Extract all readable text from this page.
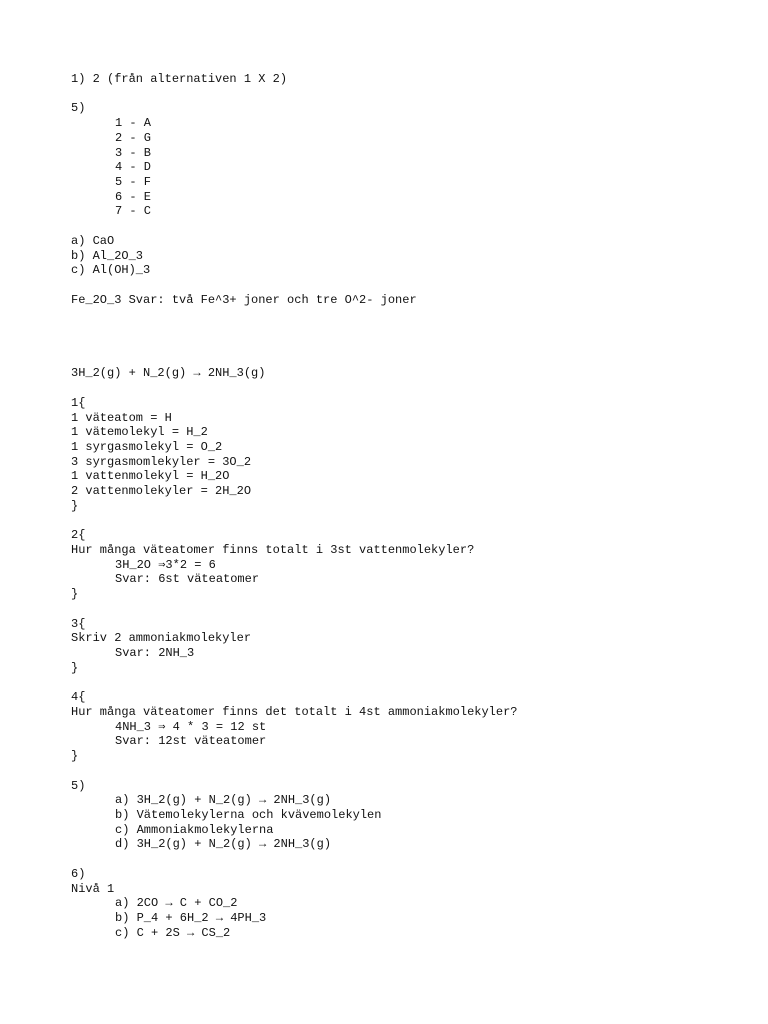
1) 2 (från alternativen 1 X 2)
5)
1 - A
2 - G
3 - B
4 - D
5 - F
6 - E
7 - C
a) CaO
b) Al_2O_3
c) Al(OH)_3
Fe_2O_3 Svar: två Fe^3+ joner och tre O^2- joner
3H_2(g) + N_2(g) → 2NH_3(g)
1{
1 väteatom = H
1 vätemolekyl = H_2
1 syrgasmolekyl = O_2
3 syrgasmomlekyler = 3O_2
1 vattenmolekyl = H_2O
2 vattenmolekyler = 2H_2O
}
2{
Hur många väteatomer finns totalt i 3st vattenmolekyler?
3H_2O ⇒3*2 = 6
Svar: 6st väteatomer
}
3{
Skriv 2 ammoniakmolekyler
Svar: 2NH_3
}
4{
Hur många väteatomer finns det totalt i 4st ammoniakmolekyler?
4NH_3 ⇒ 4 * 3 = 12 st
Svar: 12st väteatomer
}
5)
a) 3H_2(g) + N_2(g) → 2NH_3(g)
b) Vätemolekylerna och kvävemolekylen
c) Ammoniakmolekylerna
d) 3H_2(g) + N_2(g) → 2NH_3(g)
6)
Nivå 1
a) 2CO → C + CO_2
b) P_4 + 6H_2 → 4PH_3
c) C + 2S → CS_2
